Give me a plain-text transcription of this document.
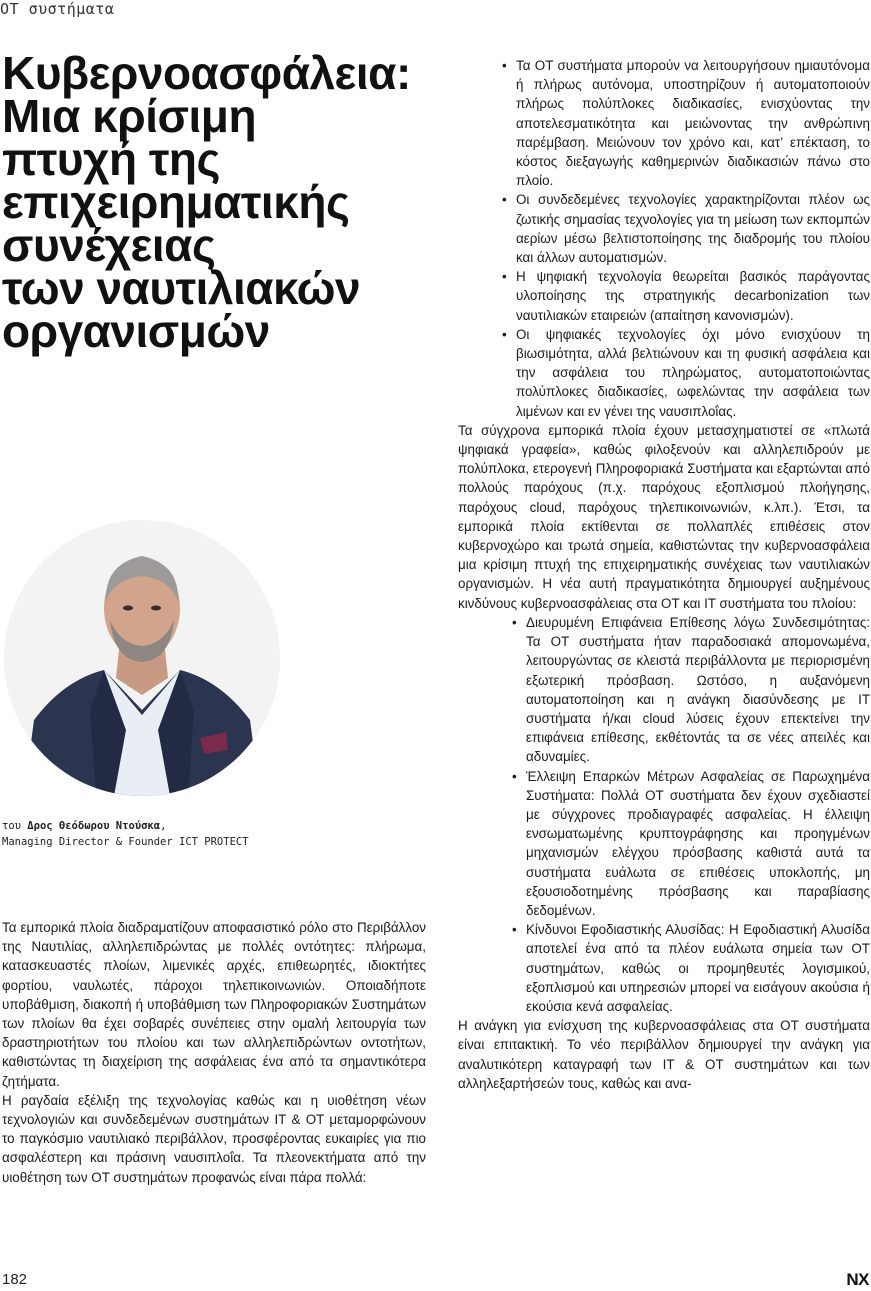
OT συστήματα
Κυβερνοασφάλεια:
Μια κρίσιμη
πτυχή της
επιχειρηματικής
συνέχειας
των ναυτιλιακών
οργανισμών
του Δρος Θεόδωρου Ντούσκα,
Managing Director & Founder ICT PROTECT

Τα εμπορικά πλοία διαδραματίζουν αποφασιστικό ρόλο στο Περιβάλλον της Ναυτιλίας, αλληλεπιδρώντας με πολλές οντότητες: πλήρωμα, κατασκευαστές πλοίων, λιμενικές αρχές, επιθεωρητές, ιδιοκτήτες φορτίου, ναυλωτές, πάροχοι τηλεπικοινωνιών. Οποιαδήποτε υποβάθμιση, διακοπή ή υποβάθμιση των Πληροφοριακών Συστημάτων των πλοίων θα έχει σοβαρές συνέπειες στην ομαλή λειτουργία των δραστηριοτήτων του πλοίου και των αλληλεπιδρώντων οντοτήτων, καθιστώντας τη διαχείριση της ασφάλειας ένα από τα σημαντικότερα ζητήματα.

Η ραγδαία εξέλιξη της τεχνολογίας καθώς και η υιοθέτηση νέων τεχνολογιών και συνδεδεμένων συστημάτων IT & OT μεταμορφώνουν το παγκόσμιο ναυτιλιακό περιβάλλον, προσφέροντας ευκαιρίες για πιο ασφαλέστερη και πράσινη ναυσιπλοΐα. Τα πλεονεκτήματα από την υιοθέτηση των OT συστημάτων προφανώς είναι πάρα πολλά:

• Τα OT συστήματα μπορούν να λειτουργήσουν ημιαυτόνομα ή πλήρως αυτόνομα, υποστηρίζουν ή αυτοματοποιούν πλήρως πολύπλοκες διαδικασίες, ενισχύοντας την αποτελεσματικότητα και μειώνοντας την ανθρώπινη παρέμβαση. Μειώνουν τον χρόνο και, κατ’ επέκταση, το κόστος διεξαγωγής καθημερινών διαδικασιών πάνω στο πλοίο.
• Οι συνδεδεμένες τεχνολογίες χαρακτηρίζονται πλέον ως ζωτικής σημασίας τεχνολογίες για τη μείωση των εκπομπών αερίων μέσω βελτιστοποίησης της διαδρομής του πλοίου και άλλων αυτοματισμών.
• Η ψηφιακή τεχνολογία θεωρείται βασικός παράγοντας υλοποίησης της στρατηγικής decarbonization των ναυτιλιακών εταιρειών (απαίτηση κανονισμών).
• Οι ψηφιακές τεχνολογίες όχι μόνο ενισχύουν τη βιωσιμότητα, αλλά βελτιώνουν και τη φυσική ασφάλεια και την ασφάλεια του πληρώματος, αυτοματοποιώντας πολύπλοκες διαδικασίες, ωφελώντας την ασφάλεια των λιμένων και εν γένει της ναυσιπλοΐας.

Τα σύγχρονα εμπορικά πλοία έχουν μετασχηματιστεί σε «πλωτά ψηφιακά γραφεία», καθώς φιλοξενούν και αλληλεπιδρούν με πολύπλοκα, ετερογενή Πληροφοριακά Συστήματα και εξαρτώνται από πολλούς παρόχους (π.χ. παρόχους εξοπλισμού πλοήγησης, παρόχους cloud, παρόχους τηλεπικοινωνιών, κ.λπ.). Έτσι, τα εμπορικά πλοία εκτίθενται σε πολλαπλές επιθέσεις στον κυβερνοχώρο και τρωτά σημεία, καθιστώντας την κυβερνοασφάλεια μια κρίσιμη πτυχή της επιχειρηματικής συνέχειας των ναυτιλιακών οργανισμών. Η νέα αυτή πραγματικότητα δημιουργεί αυξημένους κινδύνους κυβερνοασφάλειας στα OT και IT συστήματα του πλοίου:

• Διευρυμένη Επιφάνεια Επίθεσης λόγω Συνδεσιμότητας: Τα OT συστήματα ήταν παραδοσιακά απομονωμένα, λειτουργώντας σε κλειστά περιβάλλοντα με περιορισμένη εξωτερική πρόσβαση. Ωστόσο, η αυξανόμενη αυτοματοποίηση και η ανάγκη διασύνδεσης με IT συστήματα ή/και cloud λύσεις έχουν επεκτείνει την επιφάνεια επίθεσης, εκθέτοντάς τα σε νέες απειλές και αδυναμίες.
• Έλλειψη Επαρκών Μέτρων Ασφαλείας σε Παρωχημένα Συστήματα: Πολλά OT συστήματα δεν έχουν σχεδιαστεί με σύγχρονες προδιαγραφές ασφαλείας. Η έλλειψη ενσωματωμένης κρυπτογράφησης και προηγμένων μηχανισμών ελέγχου πρόσβασης καθιστά αυτά τα συστήματα ευάλωτα σε επιθέσεις υποκλοπής, μη εξουσιοδοτημένης πρόσβασης και παραβίασης δεδομένων.
• Κίνδυνοι Εφοδιαστικής Αλυσίδας: Η Εφοδιαστική Αλυσίδα αποτελεί ένα από τα πλέον ευάλωτα σημεία των OT συστημάτων, καθώς οι προμηθευτές λογισμικού, εξοπλισμού και υπηρεσιών μπορεί να εισάγουν ακούσια ή εκούσια κενά ασφαλείας.

Η ανάγκη για ενίσχυση της κυβερνοασφάλειας στα OT συστήματα είναι επιτακτική. Το νέο περιβάλλον δημιουργεί την ανάγκη για αναλυτικότερη καταγραφή των IT & OT συστημάτων και των αλληλεξαρτήσεών τους, καθώς και ανα-

182	NX
